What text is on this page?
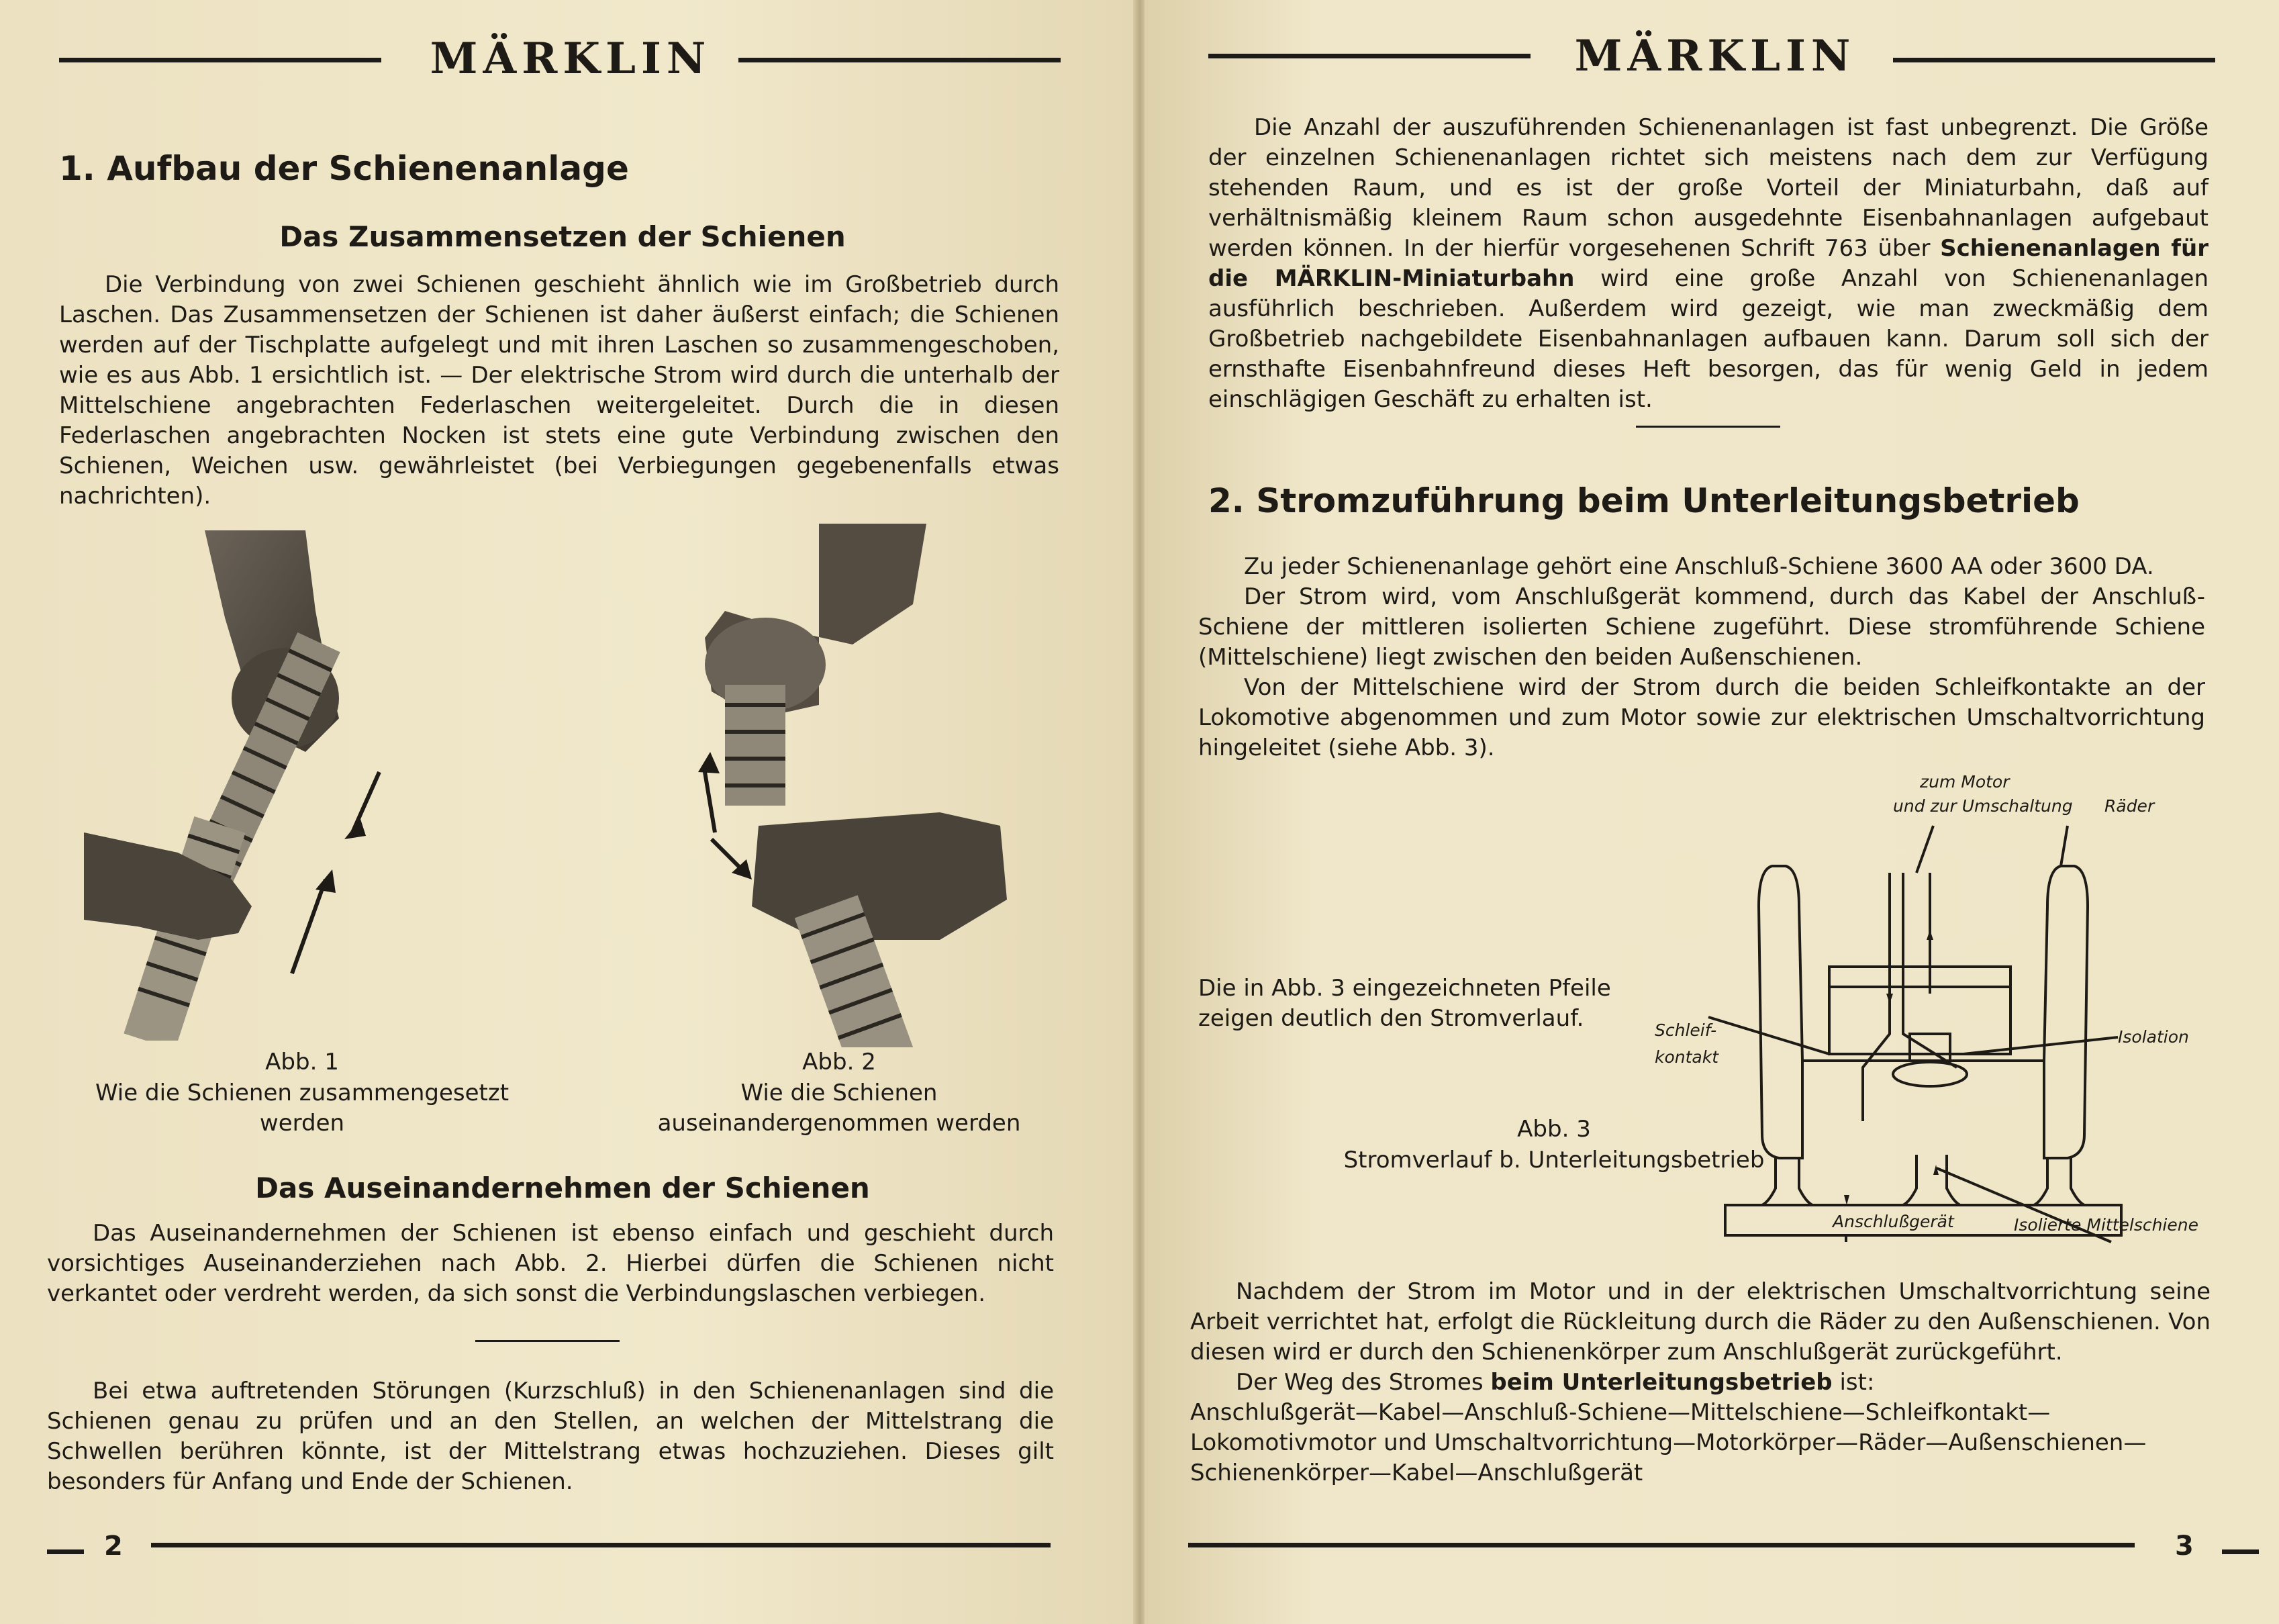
MÄRKLIN
1. Aufbau der Schienenanlage
Das Zusammensetzen der Schienen

Die Verbindung von zwei Schienen geschieht ähnlich wie im Großbetrieb durch Laschen. Das Zusammensetzen der Schienen ist daher äußerst einfach; die Schienen werden auf der Tischplatte aufgelegt und mit ihren Laschen so zusammengeschoben, wie es aus Abb. 1 ersichtlich ist. — Der elektrische Strom wird durch die unterhalb der Mittelschiene angebrachten Federlaschen weitergeleitet. Durch die in diesen Federlaschen angebrachten Nocken ist stets eine gute Verbindung zwischen den Schienen, Weichen usw. gewährleistet (bei Verbiegungen gegebenenfalls etwas nachrichten).

Abb. 1
Wie die Schienen zusammengesetzt werden
Abb. 2
Wie die Schienen auseinandergenommen werden
Das Auseinandernehmen der Schienen

Das Auseinandernehmen der Schienen ist ebenso einfach und geschieht durch vorsichtiges Auseinanderziehen nach Abb. 2. Hierbei dürfen die Schienen nicht verkantet oder verdreht werden, da sich sonst die Verbindungslaschen verbiegen.

Bei etwa auftretenden Störungen (Kurzschluß) in den Schienenanlagen sind die Schienen genau zu prüfen und an den Stellen, an welchen der Mittelstrang die Schwellen berühren könnte, ist der Mittelstrang etwas hochzuziehen. Dieses gilt besonders für Anfang und Ende der Schienen.

2
MÄRKLIN

Die Anzahl der auszuführenden Schienenanlagen ist fast unbegrenzt. Die Größe der einzelnen Schienenanlagen richtet sich meistens nach dem zur Verfügung stehenden Raum, und es ist der große Vorteil der Miniaturbahn, daß auf verhältnismäßig kleinem Raum schon ausgedehnte Eisenbahnanlagen aufgebaut werden können. In der hierfür vorgesehenen Schrift 763 über Schienenanlagen für die MÄRKLIN-Miniaturbahn wird eine große Anzahl von Schienenanlagen ausführlich beschrieben. Außerdem wird gezeigt, wie man zweckmäßig dem Großbetrieb nachgebildete Eisenbahnanlagen aufbauen kann. Darum soll sich der ernsthafte Eisenbahnfreund dieses Heft besorgen, das für wenig Geld in jedem einschlägigen Geschäft zu erhalten ist.

2. Stromzuführung beim Unterleitungsbetrieb

Zu jeder Schienenanlage gehört eine Anschluß-Schiene 3600 AA oder 3600 DA.

Der Strom wird, vom Anschlußgerät kommend, durch das Kabel der Anschluß-Schiene der mittleren isolierten Schiene zugeführt. Diese stromführende Schiene (Mittelschiene) liegt zwischen den beiden Außenschienen.

Von der Mittelschiene wird der Strom durch die beiden Schleifkontakte an der Lokomotive abgenommen und zum Motor sowie zur elektrischen Umschaltvorrichtung hingeleitet (siehe Abb. 3).

zum Motor
und zur Umschaltung Räder
Schleif-
kontakt
Isolation
Anschlußgerät	Isolierte Mittelschiene
Die in Abb. 3 eingezeichneten Pfeile zeigen deutlich den Stromverlauf.
Abb. 3
Stromverlauf b. Unterleitungsbetrieb

Nachdem der Strom im Motor und in der elektrischen Umschaltvorrichtung seine Arbeit verrichtet hat, erfolgt die Rückleitung durch die Räder zu den Außenschienen. Von diesen wird er durch den Schienenkörper zum Anschlußgerät zurückgeführt.

Der Weg des Stromes beim Unterleitungsbetrieb ist:

Anschlußgerät—Kabel—Anschluß-Schiene—Mittelschiene—Schleifkontakt—Lokomotivmotor und Umschaltvorrichtung—Motorkörper—Räder—Außenschienen—Schienenkörper—Kabel—Anschlußgerät

3
